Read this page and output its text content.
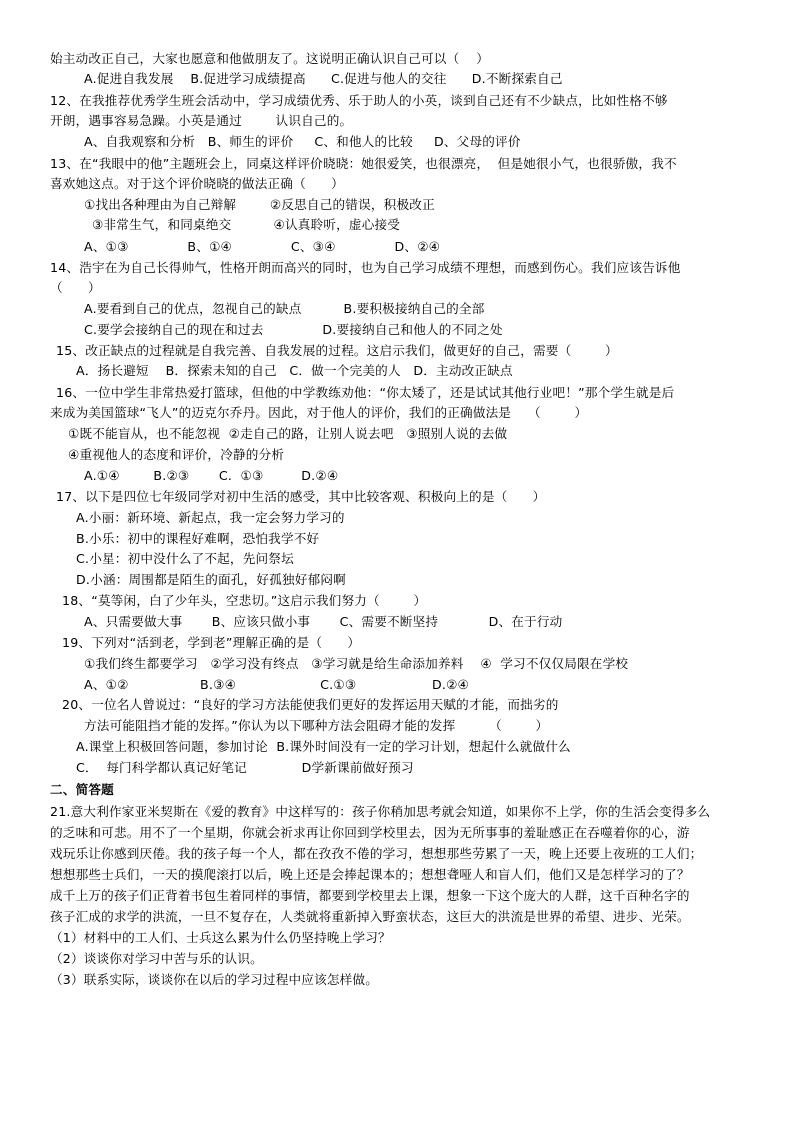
始主动改正自己，大家也愿意和他做朋友了。这说明正确认识自己可以（    ）
A.促进自我发展    B.促进学习成绩提高      C.促进与他人的交往      D.不断探索自己
12、在我推荐优秀学生班会活动中，学习成绩优秀、乐于助人的小英，谈到自己还有不少缺点，比如性格不够
开朗，遇事容易急躁。小英是通过        认识自己的。
A、自我观察和分析   B、师生的评价     C、和他人的比较     D、父母的评价
13、在“我眼中的他”主题班会上，同桌这样评价晓晓：她很爱笑，也很漂亮，  但是她很小气，也很骄傲，我不
喜欢她这点。对于这个评价晓晓的做法正确（      ）
①找出各种理由为自己辩解        ②反思自己的错误，积极改正
③非常生气，和同桌绝交          ④认真聆听，虚心接受
A、①③              B、①④              C、③④              D、②④
14、浩宇在为自己长得帅气，性格开朗而高兴的同时，也为自己学习成绩不理想，而感到伤心。我们应该告诉他
（      ）
A.要看到自己的优点，忽视自己的缺点          B.要积极接纳自己的全部
C.要学会接纳自己的现在和过去              D.要接纳自己和他人的不同之处
15、改正缺点的过程就是自我完善、自我发展的过程。这启示我们，做更好的自己，需要（        ）
A．扬长避短    B．探索未知的自己   C．做一个完美的人   D．主动改正缺点
16、一位中学生非常热爱打篮球，但他的中学教练劝他：“你太矮了，还是试试其他行业吧！”那个学生就是后
来成为美国篮球“飞人”的迈克尔乔丹。因此，对于他人的评价，我们的正确做法是    （        ）
①既不能盲从，也不能忽视  ②走自己的路，让别人说去吧   ③照别人说的去做
④重视他人的态度和评价，冷静的分析
A.①④        B.②③       C.  ①③         D.②④
17、以下是四位七年级同学对初中生活的感受，其中比较客观、积极向上的是（      ）
A.小丽：新环境、新起点，我一定会努力学习的
B.小乐：初中的课程好难啊，恐怕我学不好
C.小星：初中没什么了不起，先问祭坛
D.小涵：周围都是陌生的面孔，好孤独好郁闷啊
18、“莫等闲，白了少年头，空悲切。”这启示我们努力（        ）
A、只需要做大事       B、应该只做小事       C、需要不断坚持            D、在于行动
19、下列对“活到老，学到老”理解正确的是（      ）
①我们终生都要学习   ②学习没有终点   ③学习就是给生命添加养料    ④  学习不仅仅局限在学校
A、①②                 B.③④                    C.①③                  D.②④
20、一位名人曾说过：“良好的学习方法能使我们更好的发挥运用天赋的才能，而拙劣的
方法可能阻挡才能的发挥。”你认为以下哪种方法会阻碍才能的发挥        （        ）
A.课堂上积极回答问题，参加讨论  B.课外时间没有一定的学习计划，想起什么就做什么
C．  每门科学都认真记好笔记             D学新课前做好预习
二、简答题
21.意大利作家亚米契斯在《爱的教育》中这样写的：孩子你稍加思考就会知道，如果你不上学，你的生活会变得多么
的乏味和可悲。用不了一个星期，你就会祈求再让你回到学校里去，因为无所事事的羞耻感正在吞噬着你的心，游
戏玩乐让你感到厌倦。我的孩子每一个人，都在孜孜不倦的学习，想想那些劳累了一天，晚上还要上夜班的工人们；
想想那些士兵们，一天的摸爬滚打以后，晚上还是会捧起课本的；想想聋哑人和盲人们，他们又是怎样学习的了？
成千上万的孩子们正背着书包生着同样的事情，都要到学校里去上课，想象一下这个庞大的人群，这千百种名字的
孩子汇成的求学的洪流，一旦不复存在，人类就将重新掉入野蛮状态，这巨大的洪流是世界的希望、进步、光荣。
（1）材料中的工人们、士兵这么累为什么仍坚持晚上学习？
（2）谈谈你对学习中苦与乐的认识。
（3）联系实际，谈谈你在以后的学习过程中应该怎样做。
